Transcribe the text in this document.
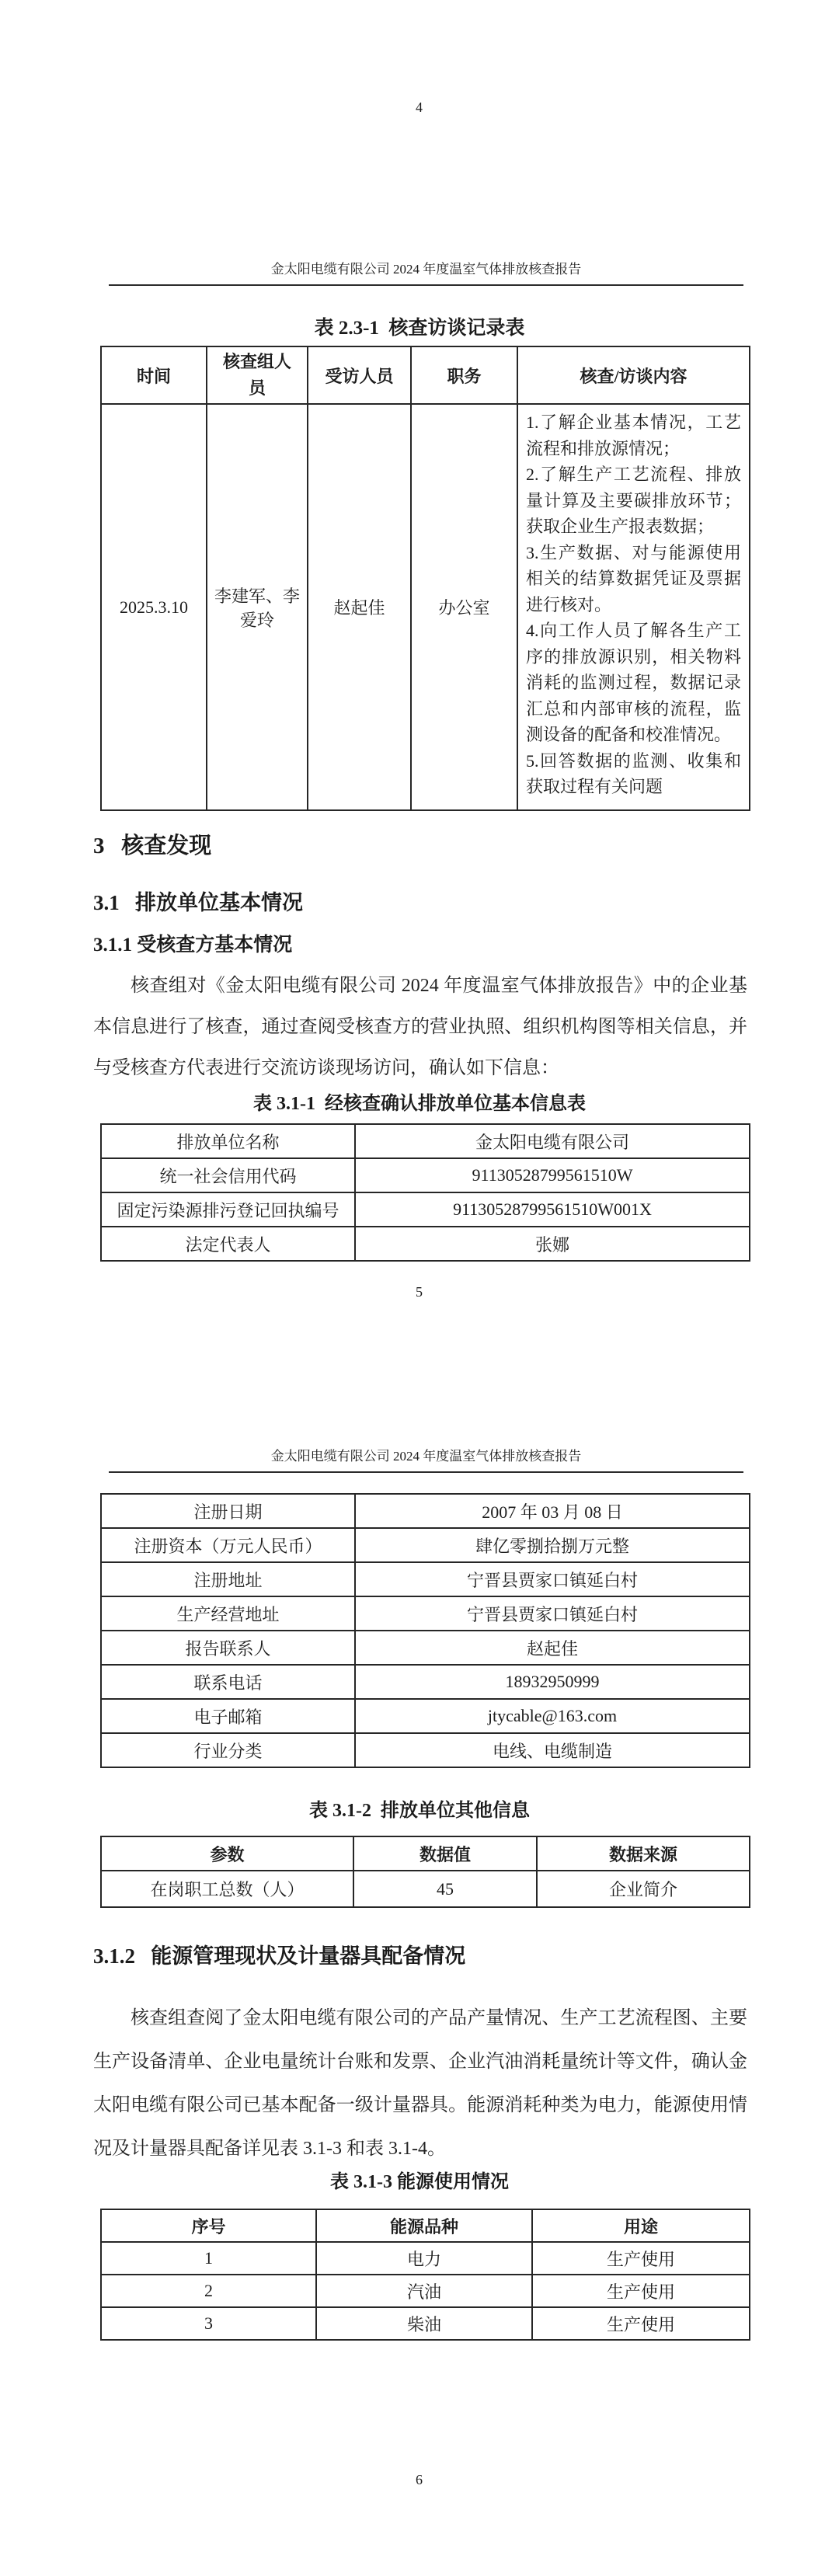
4
金太阳电缆有限公司 2024 年度温室气体排放核查报告
表 2.3-1  核查访谈记录表
时间	核查组人员	受访人员	职务	核查/访谈内容
2025.3.10	李建军、李爱玲	赵起佳	办公室	1.了解企业基本情况，工艺流程和排放源情况；
2.了解生产工艺流程、排放量计算及主要碳排放环节；获取企业生产报表数据；
3.生产数据、对与能源使用相关的结算数据凭证及票据进行核对。
4.向工作人员了解各生产工序的排放源识别，相关物料消耗的监测过程，数据记录汇总和内部审核的流程，监测设备的配备和校准情况。
5.回答数据的监测、收集和获取过程有关问题
3   核查发现
3.1   排放单位基本情况
3.1.1 受核查方基本情况
核查组对《金太阳电缆有限公司 2024 年度温室气体排放报告》中的企业基本信息进行了核查，通过查阅受核查方的营业执照、组织机构图等相关信息，并与受核查方代表进行交流访谈现场访问，确认如下信息：
表 3.1-1  经核查确认排放单位基本信息表
排放单位名称	金太阳电缆有限公司
统一社会信用代码	91130528799561510W
固定污染源排污登记回执编号	91130528799561510W001X
法定代表人	张娜
5
金太阳电缆有限公司 2024 年度温室气体排放核查报告
注册日期	2007 年 03 月 08 日
注册资本（万元人民币）	肆亿零捌拾捌万元整
注册地址	宁晋县贾家口镇延白村
生产经营地址	宁晋县贾家口镇延白村
报告联系人	赵起佳
联系电话	18932950999
电子邮箱	jtycable@163.com
行业分类	电线、电缆制造
表 3.1-2  排放单位其他信息
参数	数据值	数据来源
在岗职工总数（人）	45	企业简介
3.1.2   能源管理现状及计量器具配备情况
核查组查阅了金太阳电缆有限公司的产品产量情况、生产工艺流程图、主要生产设备清单、企业电量统计台账和发票、企业汽油消耗量统计等文件，确认金太阳电缆有限公司已基本配备一级计量器具。能源消耗种类为电力，能源使用情况及计量器具配备详见表 3.1-3 和表 3.1-4。
表 3.1-3 能源使用情况
序号	能源品种	用途
1	电力	生产使用
2	汽油	生产使用
3	柴油	生产使用
6
